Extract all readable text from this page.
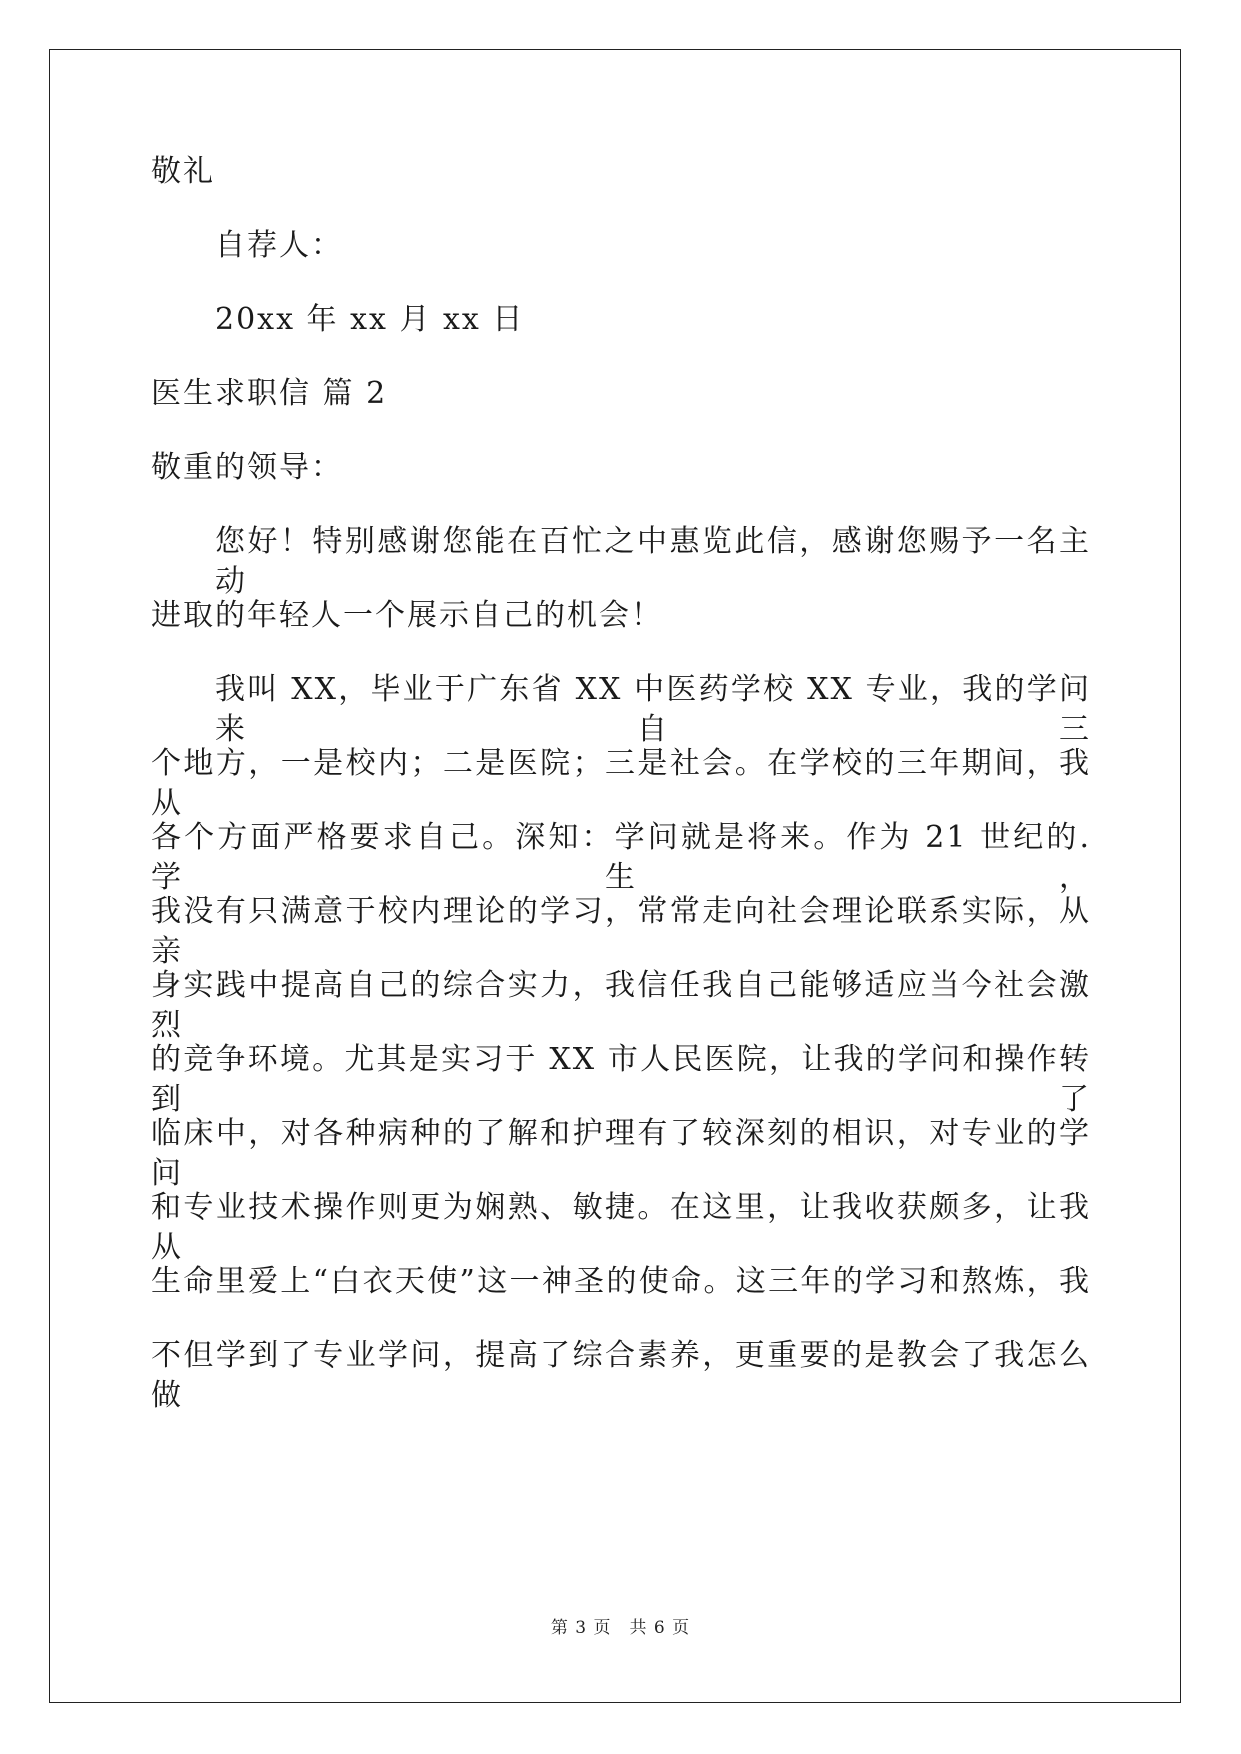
敬礼
自荐人：
20xx 年 xx 月 xx 日
医生求职信 篇 2
敬重的领导：
您好！特别感谢您能在百忙之中惠览此信，感谢您赐予一名主动
进取的年轻人一个展示自己的机会！
我叫 XX，毕业于广东省 XX 中医药学校 XX 专业，我的学问来自三
个地方，一是校内；二是医院；三是社会。在学校的三年期间，我从
各个方面严格要求自己。深知：学问就是将来。作为 21 世纪的.学生，
我没有只满意于校内理论的学习，常常走向社会理论联系实际，从亲
身实践中提高自己的综合实力，我信任我自己能够适应当今社会激烈
的竞争环境。尤其是实习于 XX 市人民医院，让我的学问和操作转到了
临床中，对各种病种的了解和护理有了较深刻的相识，对专业的学问
和专业技术操作则更为娴熟、敏捷。在这里，让我收获颇多，让我从
生命里爱上“白衣天使”这一神圣的使命。这三年的学习和熬炼，我
不但学到了专业学问，提高了综合素养，更重要的是教会了我怎么做
第 3 页 共 6 页
